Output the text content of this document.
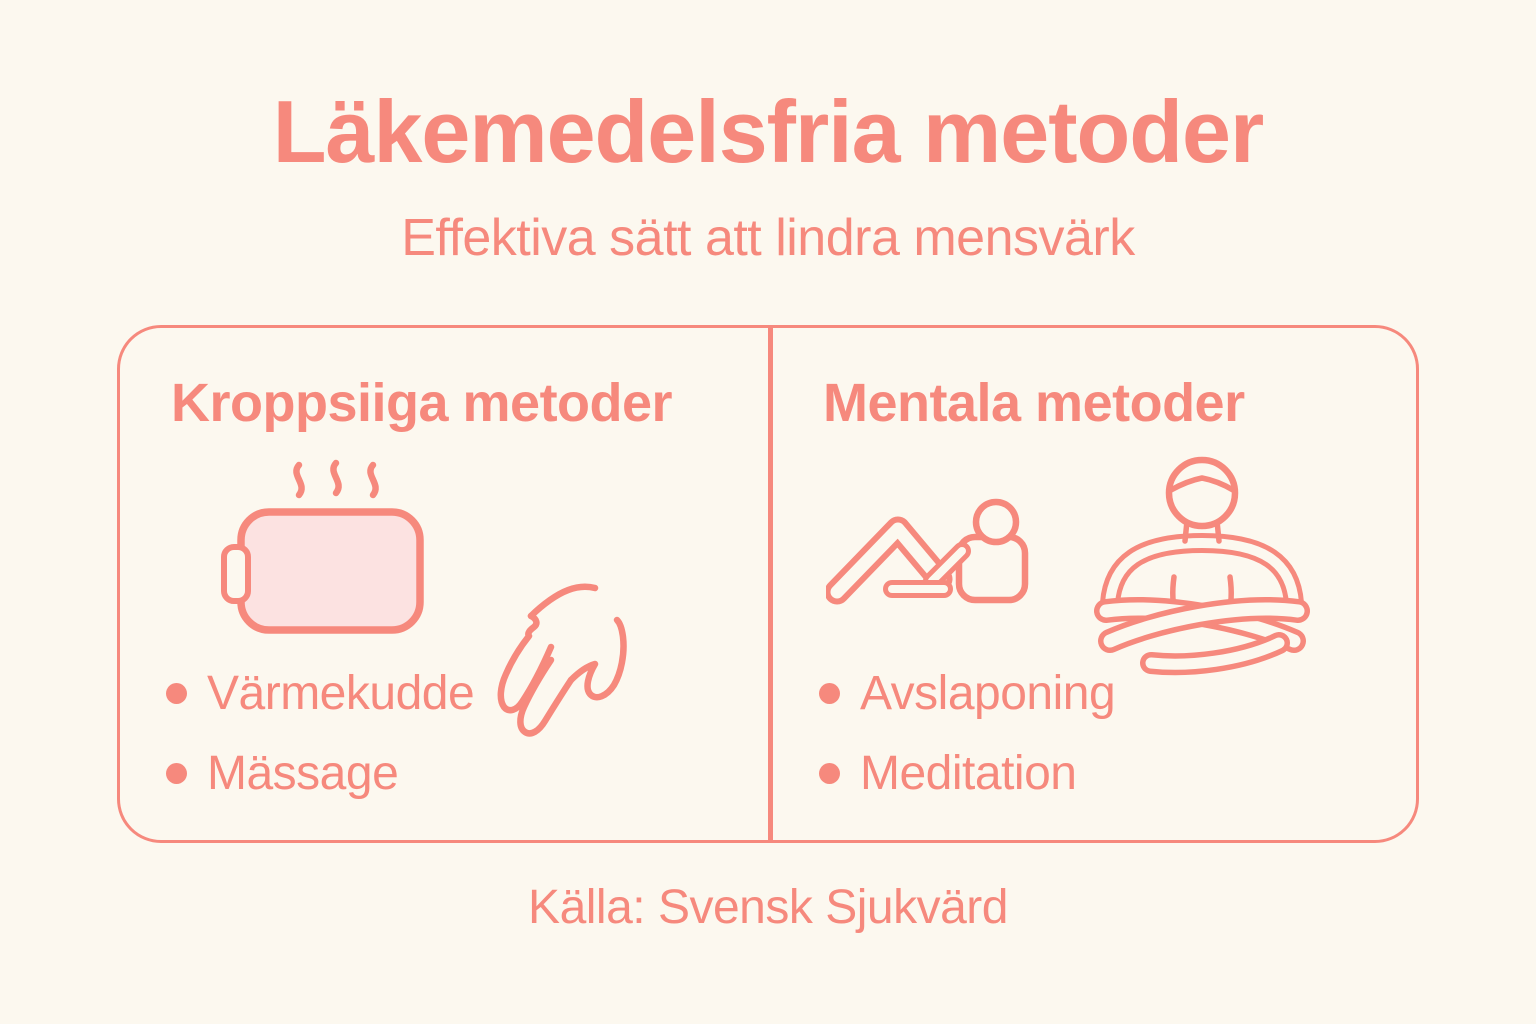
Läkemedelsfria metoder
Effektiva sätt att lindra mensvärk
Kroppsiiga metoder
Värmekudde
Mässage
Mentala metoder
Avslaponing
Meditation
Källa: Svensk Sjukvärd
